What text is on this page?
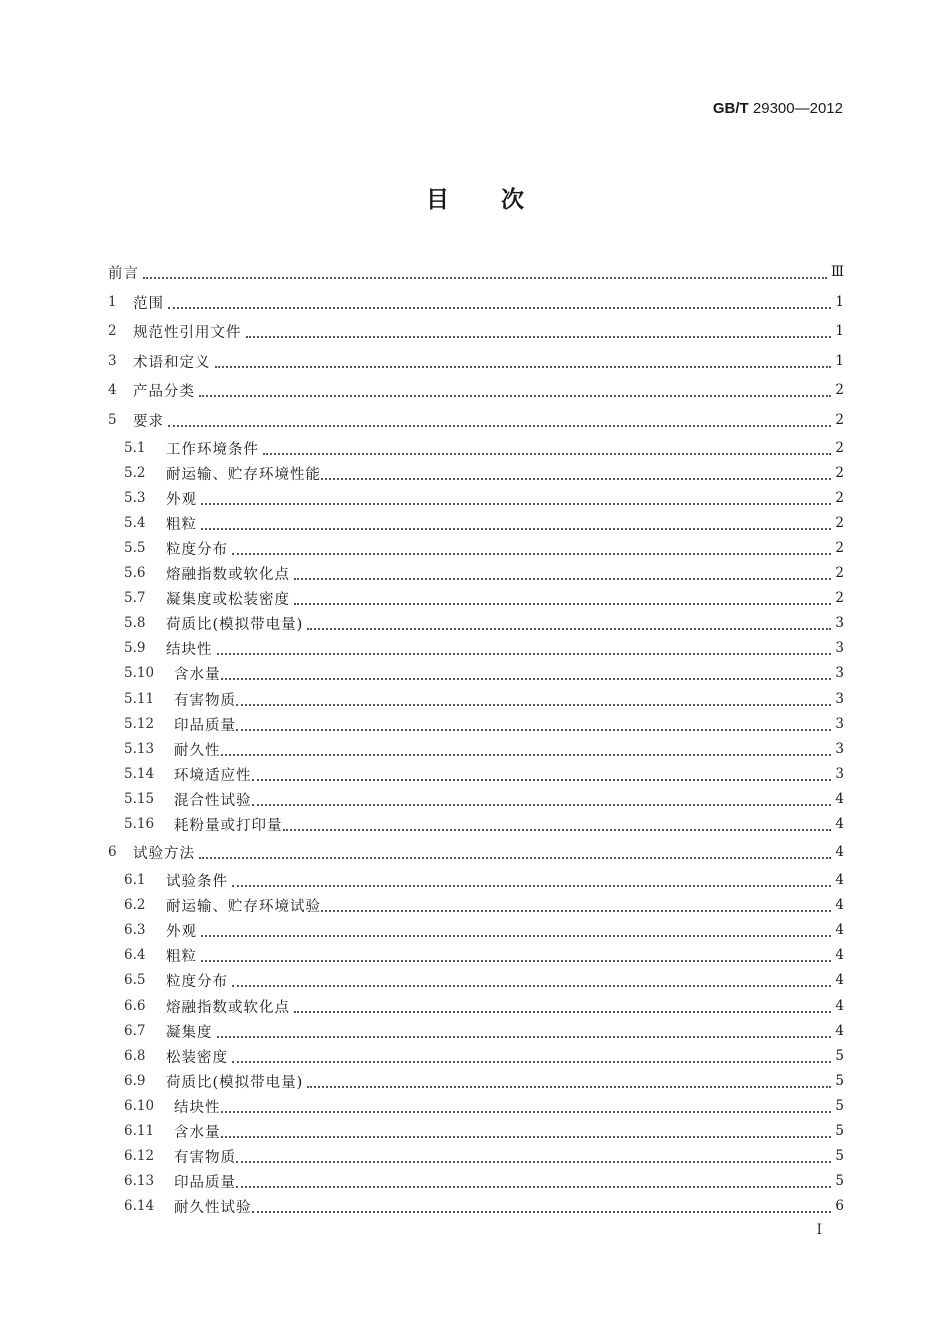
GB/T 29300—2012
目次
前言	Ⅲ
1	范围	1
2	规范性引用文件	1
3	术语和定义	1
4	产品分类	2
5	要求	2
5.1	工作环境条件	2
5.2	耐运输、贮存环境性能	2
5.3	外观	2
5.4	粗粒	2
5.5	粒度分布	2
5.6	熔融指数或软化点	2
5.7	凝集度或松装密度	2
5.8	荷质比(模拟带电量)	3
5.9	结块性	3
5.10	含水量	3
5.11	有害物质	3
5.12	印品质量	3
5.13	耐久性	3
5.14	环境适应性	3
5.15	混合性试验	4
5.16	耗粉量或打印量	4
6	试验方法	4
6.1	试验条件	4
6.2	耐运输、贮存环境试验	4
6.3	外观	4
6.4	粗粒	4
6.5	粒度分布	4
6.6	熔融指数或软化点	4
6.7	凝集度	4
6.8	松装密度	5
6.9	荷质比(模拟带电量)	5
6.10	结块性	5
6.11	含水量	5
6.12	有害物质	5
6.13	印品质量	5
6.14	耐久性试验	6
I
